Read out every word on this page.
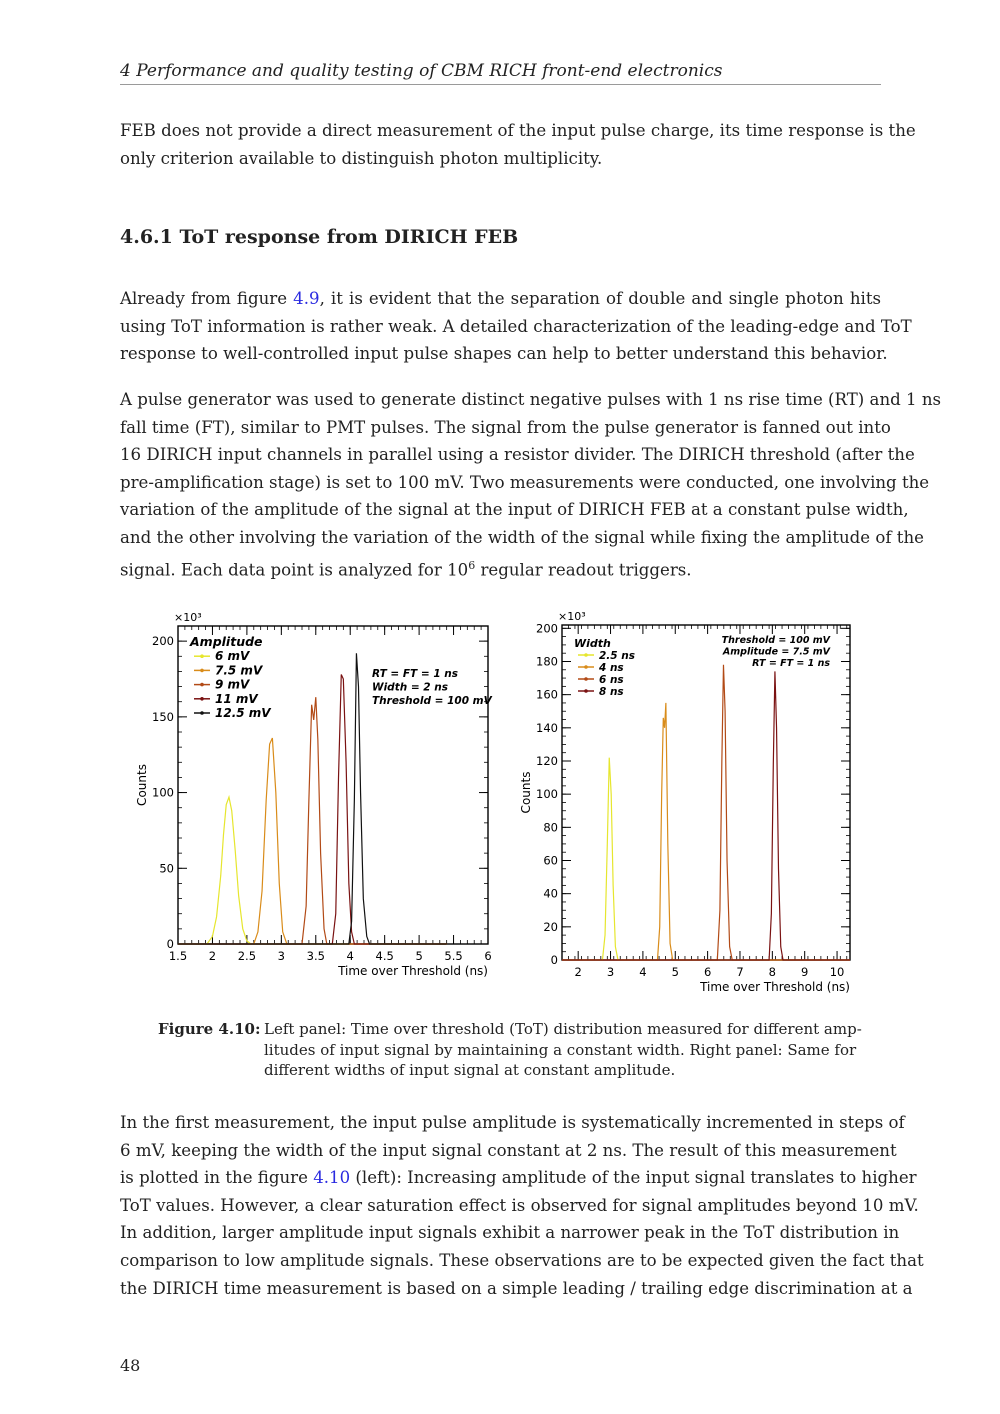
4 Performance and quality testing of CBM RICH front-end electronics

FEB does not provide a direct measurement of the input pulse charge, its time response is the
only criterion available to distinguish photon multiplicity.

4.6.1 ToT response from DIRICH FEB

Already from figure 4.9, it is evident that the separation of double and single photon hits
using ToT information is rather weak. A detailed characterization of the leading-edge and ToT
response to well-controlled input pulse shapes can help to better understand this behavior.

A pulse generator was used to generate distinct negative pulses with 1 ns rise time (RT) and 1 ns
fall time (FT), similar to PMT pulses. The signal from the pulse generator is fanned out into
16 DIRICH input channels in parallel using a resistor divider. The DIRICH threshold (after the
pre-amplification stage) is set to 100 mV. Two measurements were conducted, one involving the
variation of the amplitude of the signal at the input of DIRICH FEB at a constant pulse width,
and the other involving the variation of the width of the signal while fixing the amplitude of the
signal. Each data point is analyzed for $10^6$ regular readout triggers.

×10³
1.5 2 2.5 3 3.5 4 4.5 5 5.5 6
0
50
100
150
200
Time over Threshold (ns)
Counts
Amplitude
6 mV
7.5 mV
9 mV
11 mV
12.5 mV
RT = FT = 1 ns
Width = 2 ns
Threshold = 100 mV
×10³
2 3 4 5 6 7 8 9 10
0
20
40
60
80
100
120
140
160
180
200
Time over Threshold (ns)
Counts
Width
2.5 ns
4 ns
6 ns
8 ns
Threshold = 100 mV
Amplitude = 7.5 mV
RT = FT = 1 ns
Figure 4.10: Left panel: Time over threshold (ToT) distribution measured for different amp-
litudes of input signal by maintaining a constant width. Right panel: Same for
different widths of input signal at constant amplitude.

In the first measurement, the input pulse amplitude is systematically incremented in steps of
6 mV, keeping the width of the input signal constant at 2 ns. The result of this measurement
is plotted in the figure 4.10 (left): Increasing amplitude of the input signal translates to higher
ToT values. However, a clear saturation effect is observed for signal amplitudes beyond 10 mV.
In addition, larger amplitude input signals exhibit a narrower peak in the ToT distribution in
comparison to low amplitude signals. These observations are to be expected given the fact that
the DIRICH time measurement is based on a simple leading / trailing edge discrimination at a

48
